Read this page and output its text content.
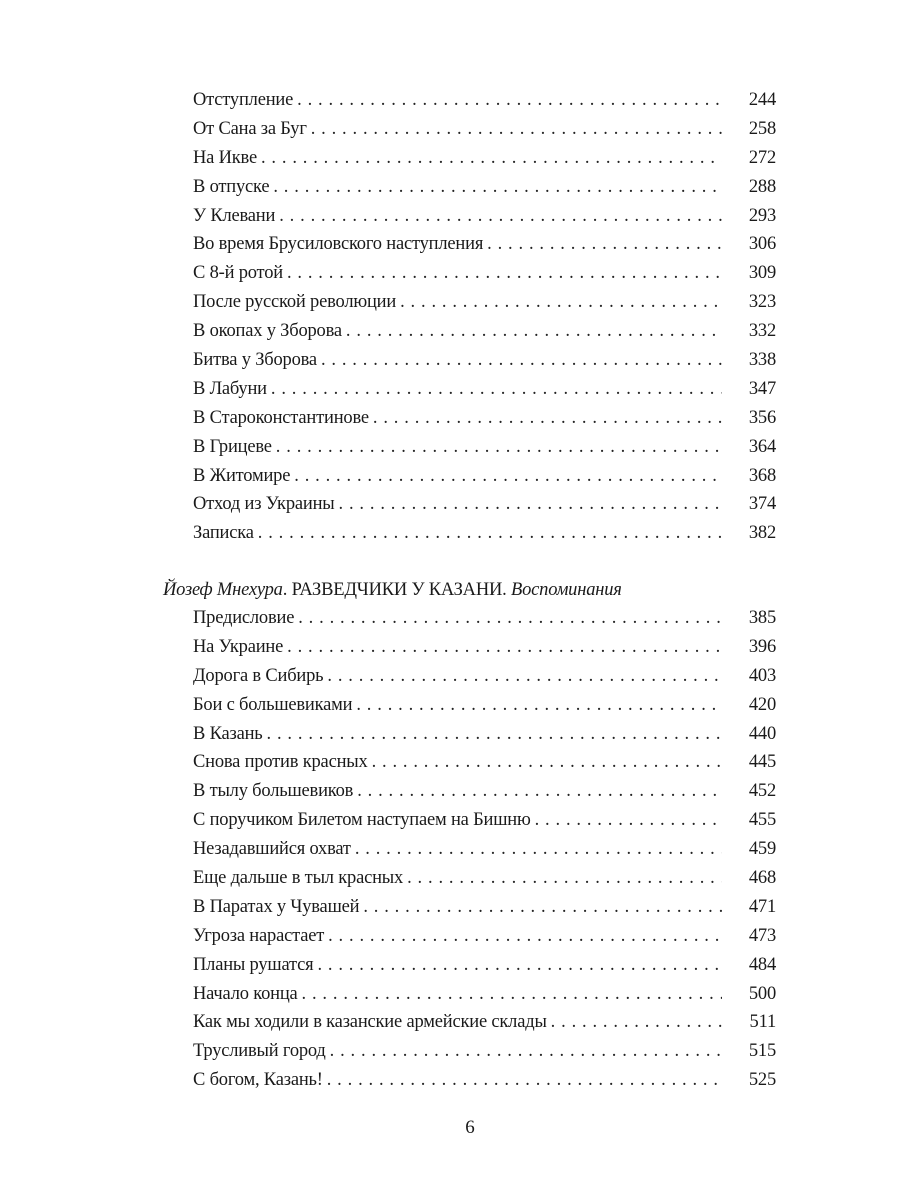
Отступление . . .	244
От Сана за Буг . . .	258
На Икве . . .	272
В отпуске . . .	288
У Клевани . . .	293
Во время Брусиловского наступления . . .	306
С 8-й ротой . . .	309
После русской революции . . .	323
В окопах у Зборова . . .	332
Битва у Зборова . . .	338
В Лабуни . . .	347
В Староконстантинове . . .	356
В Грицеве . . .	364
В Житомире . . .	368
Отход из Украины . . .	374
Записка . . .	382
Йозеф Мнехура. РАЗВЕДЧИКИ У КАЗАНИ. Воспоминания
Предисловие . . .	385
На Украине . . .	396
Дорога в Сибирь . . .	403
Бои с большевиками . . .	420
В Казань . . .	440
Снова против красных . . .	445
В тылу большевиков . . .	452
С поручиком Билетом наступаем на Бишню . . .	455
Незадавшийся охват . . .	459
Еще дальше в тыл красных . . .	468
В Паратах у Чувашей . . .	471
Угроза нарастает . . .	473
Планы рушатся . . .	484
Начало конца . . .	500
Как мы ходили в казанские армейские склады . . .	511
Трусливый город . . .	515
С богом, Казань! . . .	525
6
